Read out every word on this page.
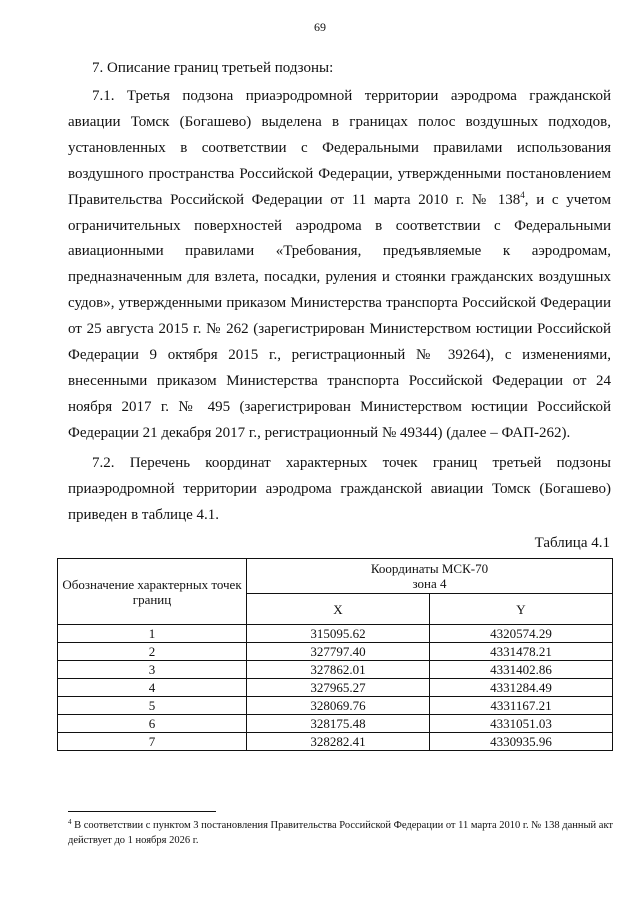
69
7. Описание границ третьей подзоны:

7.1. Третья подзона приаэродромной территории аэродрома гражданской авиации Томск (Богашево) выделена в границах полос воздушных подходов, установленных в соответствии с Федеральными правилами использования воздушного пространства Российской Федерации, утвержденными постановлением Правительства Российской Федерации от 11 марта 2010 г. № $138^4$, и с учетом ограничительных поверхностей аэродрома в соответствии с Федеральными авиационными правилами «Требования, предъявляемые к аэродромам, предназначенным для взлета, посадки, руления и стоянки гражданских воздушных судов», утвержденными приказом Министерства транспорта Российской Федерации от 25 августа 2015 г. № 262 (зарегистрирован Министерством юстиции Российской Федерации 9 октября 2015 г., регистрационный № 39264), с изменениями, внесенными приказом Министерства транспорта Российской Федерации от 24 ноября 2017 г. № 495 (зарегистрирован Министерством юстиции Российской Федерации 21 декабря 2017 г., регистрационный № 49344) (далее – ФАП-262).

7.2. Перечень координат характерных точек границ третьей подзоны приаэродромной территории аэродрома гражданской авиации Томск (Богашево) приведен в таблице 4.1.

Таблица 4.1
Обозначение характерных точек границ	Координаты МСК-70
зона 4	
	X	Y
1	315095.62	4320574.29
2	327797.40	4331478.21
3	327862.01	4331402.86
4	327965.27	4331284.49
5	328069.76	4331167.21
6	328175.48	4331051.03
7	328282.41	4330935.96

$^4$ В соответствии с пунктом 3 постановления Правительства Российской Федерации от 11 марта 2010 г. № 138 данный акт действует до 1 ноября 2026 г.
